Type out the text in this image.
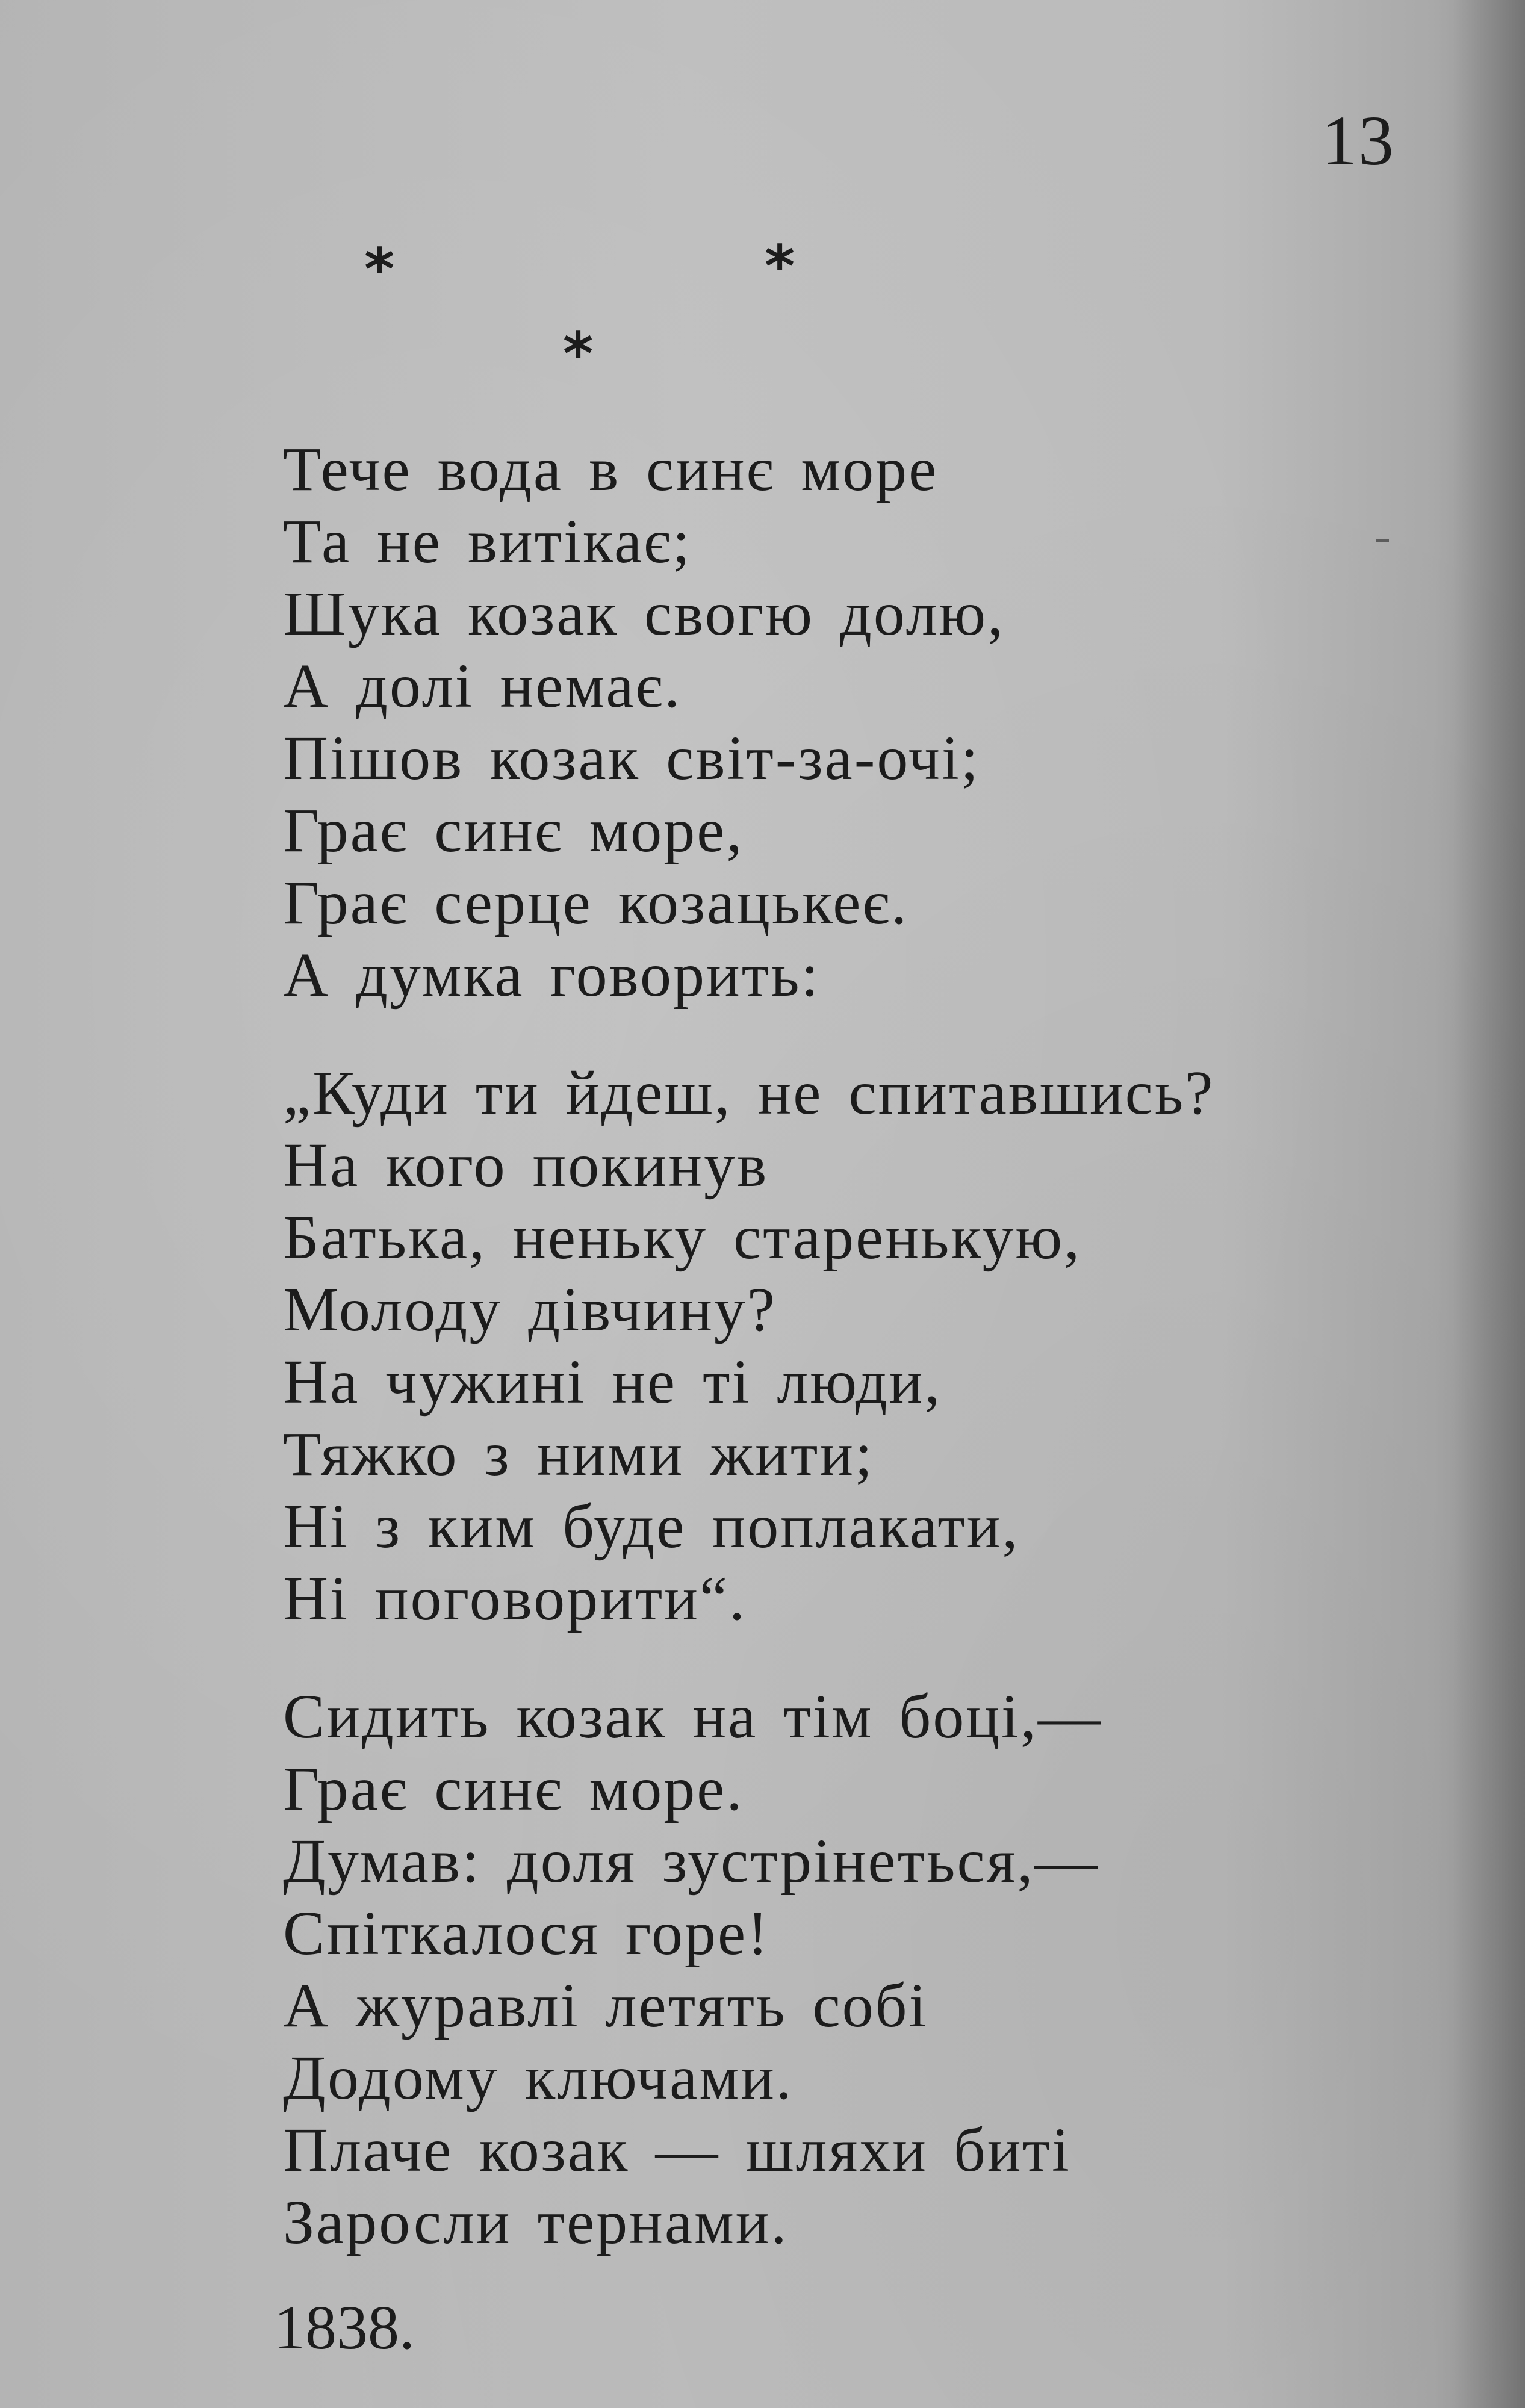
13
*	*
*
Тече вода в синє море
Та не витікає;
Шука козак свогю долю,
А долі немає.
Пішов козак світ-за-очі;
Грає синє море,
Грає серце козацькеє.
А думка говорить:
„Куди ти йдеш, не спитавшись?
На кого покинув
Батька, неньку старенькую,
Молоду дівчину?
На чужині не ті люди,
Тяжко з ними жити;
Ні з ким буде поплакати,
Ні поговорити“.
Сидить козак на тім боці,—
Грає синє море.
Думав: доля зустрінеться,—
Спіткалося горе!
А журавлі летять собі
Додому ключами.
Плаче козак — шляхи биті
Заросли тернами.
1838.
